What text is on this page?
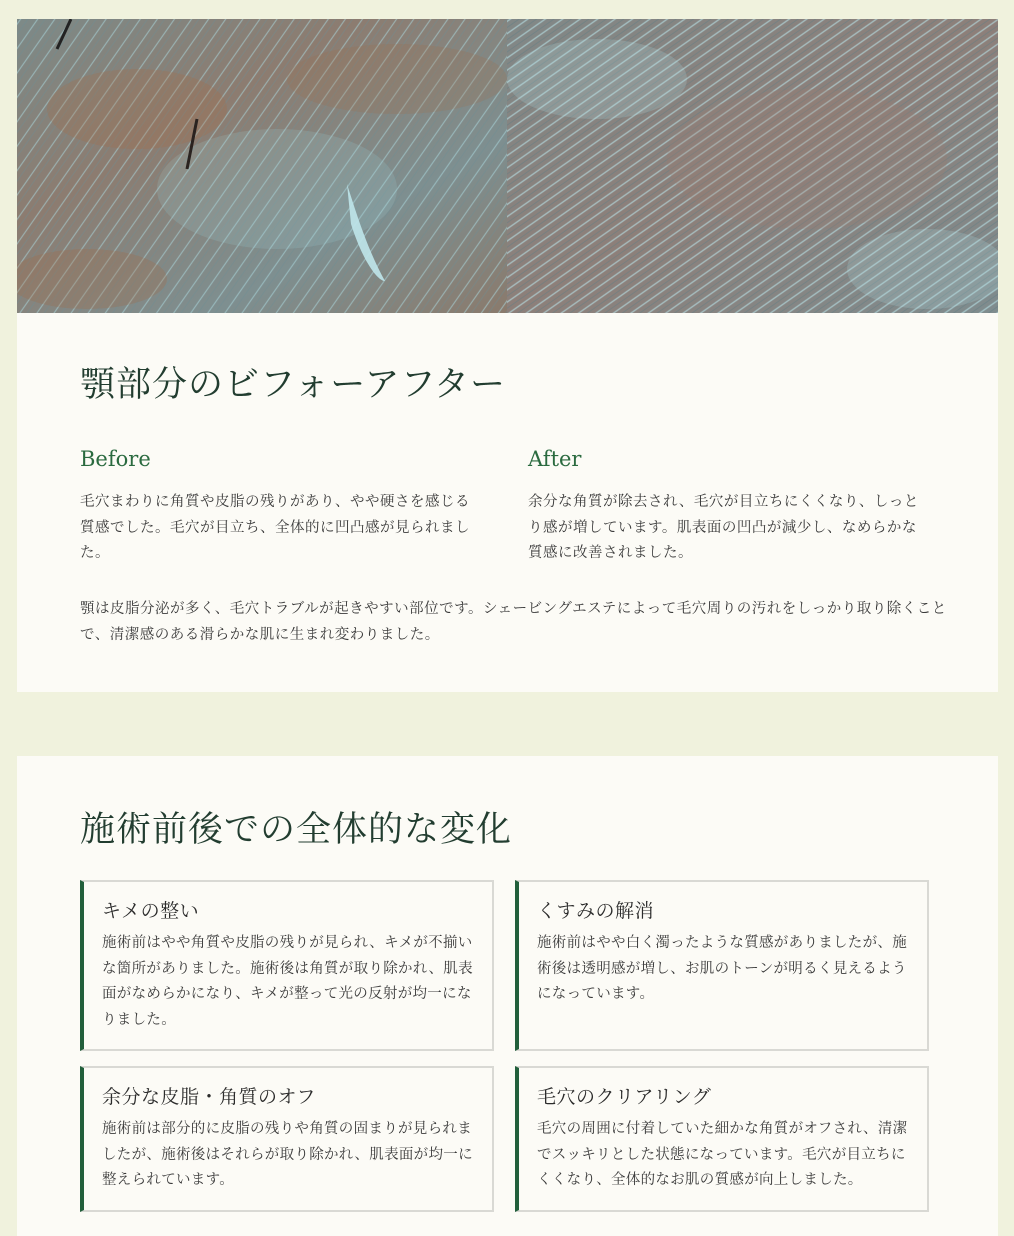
顎部分のビフォーアフター
Before

毛穴まわりに角質や皮脂の残りがあり、やや硬さを感じる質感でした。毛穴が目立ち、全体的に凹凸感が見られました。

After

余分な角質が除去され、毛穴が目立ちにくくなり、しっとり感が増しています。肌表面の凹凸が減少し、なめらかな質感に改善されました。

顎は皮脂分泌が多く、毛穴トラブルが起きやすい部位です。シェービングエステによって毛穴周りの汚れをしっかり取り除くことで、清潔感のある滑らかな肌に生まれ変わりました。

施術前後での全体的な変化
キメの整い

施術前はやや角質や皮脂の残りが見られ、キメが不揃いな箇所がありました。施術後は角質が取り除かれ、肌表面がなめらかになり、キメが整って光の反射が均一になりました。

くすみの解消

施術前はやや白く濁ったような質感がありましたが、施術後は透明感が増し、お肌のトーンが明るく見えるようになっています。

余分な皮脂・角質のオフ

施術前は部分的に皮脂の残りや角質の固まりが見られましたが、施術後はそれらが取り除かれ、肌表面が均一に整えられています。

毛穴のクリアリング

毛穴の周囲に付着していた細かな角質がオフされ、清潔でスッキリとした状態になっています。毛穴が目立ちにくくなり、全体的なお肌の質感が向上しました。
